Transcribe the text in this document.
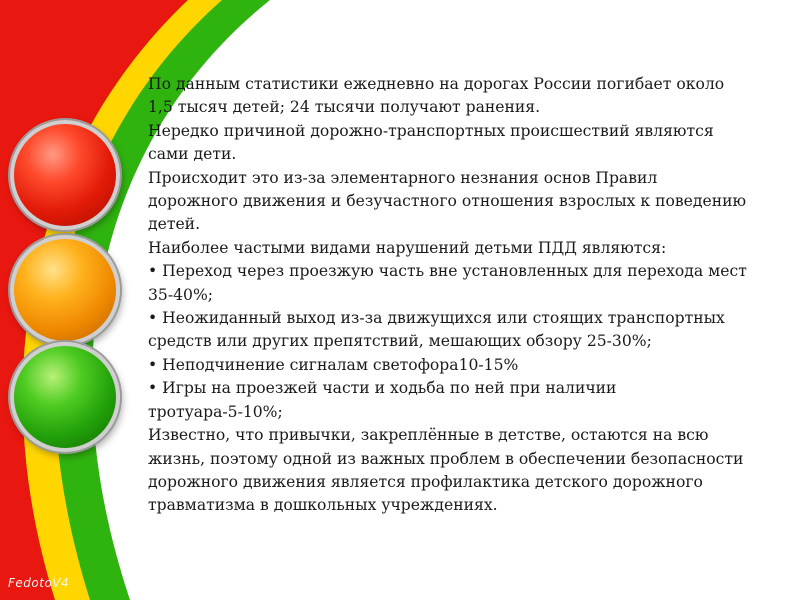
По данным статистики ежедневно на дорогах России погибает около

1,5 тысяч детей; 24 тысячи получают ранения.

Нередко причиной дорожно-транспортных происшествий являются

сами дети.

Происходит это из-за элементарного незнания основ Правил

дорожного движения и безучастного отношения взрослых к поведению

детей.

Наиболее частыми видами нарушений детьми ПДД являются:

• Переход через проезжую часть вне установленных для перехода мест

35-40%;

• Неожиданный выход из-за движущихся или стоящих транспортных

средств или других препятствий, мешающих обзору 25-30%;

• Неподчинение сигналам светофора10-15%

• Игры на проезжей части и ходьба по ней при наличии

тротуара-5-10%;

Известно, что привычки, закреплённые в детстве, остаются на всю

жизнь, поэтому одной из важных проблем в обеспечении безопасности

дорожного движения является профилактика детского дорожного

травматизма в дошкольных учреждениях.

FedotoV4
